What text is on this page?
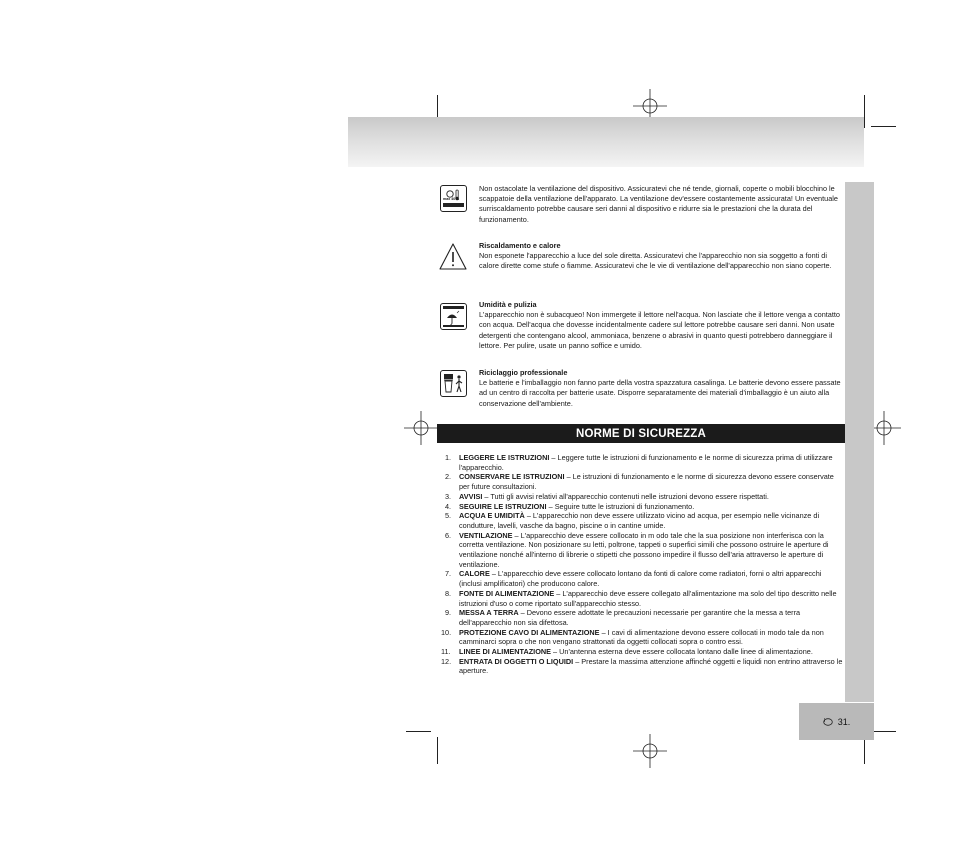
max 40°C
Non ostacolate la ventilazione del dispositivo. Assicuratevi che né tende, giornali, coperte o mobili blocchino le scappatoie della ventilazione dell'apparato. La ventilazione dev'essere costantemente assicurata! Un eventuale surriscaldamento potrebbe causare seri danni al dispositivo e ridurre sia le prestazioni che la durata del funzionamento.
Riscaldamento e calore
Non esponete l'apparecchio a luce del sole diretta. Assicuratevi che l'apparecchio non sia soggetto a fonti di calore dirette come stufe o fiamme. Assicuratevi che le vie di ventilazione dell'apparecchio non siano coperte.
Umidità e pulizia
L'apparecchio non è subacqueo! Non immergete il lettore nell'acqua. Non lasciate che il lettore venga a contatto con acqua. Dell'acqua che dovesse incidentalmente cadere sul lettore potrebbe causare seri danni. Non usate detergenti che contengano alcool, ammoniaca, benzene o abrasivi in quanto questi potrebbero danneggiare il lettore. Per pulire, usate un panno soffice e umido.
Riciclaggio professionale
Le batterie e l'imballaggio non fanno parte della vostra spazzatura casalinga. Le batterie devono essere passate ad un centro di raccolta per batterie usate. Disporre separatamente dei materiali d'imballaggio è un aiuto alla conservazione dell'ambiente.
NORME DI SICUREZZA
1. LEGGERE LE ISTRUZIONI – Leggere tutte le istruzioni di funzionamento e le norme di sicurezza prima di utilizzare l'apparecchio.
2. CONSERVARE LE ISTRUZIONI – Le istruzioni di funzionamento e le norme di sicurezza devono essere conservate per future consultazioni.
3. AVVISI – Tutti gli avvisi relativi all'apparecchio contenuti nelle istruzioni devono essere rispettati.
4. SEGUIRE LE ISTRUZIONI – Seguire tutte le istruzioni di funzionamento.
5. ACQUA E UMIDITÀ – L'apparecchio non deve essere utilizzato vicino ad acqua, per esempio nelle vicinanze di condutture, lavelli, vasche da bagno, piscine o in cantine umide.
6. VENTILAZIONE – L'apparecchio deve essere collocato in m odo tale che la sua posizione non interferisca con la corretta ventilazione. Non posizionare su letti, poltrone, tappeti o superfici simili che possono ostruire le aperture di ventilazione nonché all'interno di librerie o stipetti che possono impedire il flusso dell'aria attraverso le aperture di ventilazione.
7. CALORE – L'apparecchio deve essere collocato lontano da fonti di calore come radiatori, forni o altri apparecchi (inclusi amplificatori) che producono calore.
8. FONTE DI ALIMENTAZIONE – L'apparecchio deve essere collegato all'alimentazione ma solo del tipo descritto nelle istruzioni d'uso o come riportato sull'apparecchio stesso.
9. MESSA A TERRA – Devono essere adottate le precauzioni necessarie per garantire che la messa a terra dell'apparecchio non sia difettosa.
10. PROTEZIONE CAVO DI ALIMENTAZIONE – I cavi di alimentazione devono essere collocati in modo tale da non camminarci sopra o che non vengano strattonati da oggetti collocati sopra o contro essi.
11. LINEE DI ALIMENTAZIONE – Un'antenna esterna deve essere collocata lontano dalle linee di alimentazione.
12. ENTRATA DI OGGETTI O LIQUIDI – Prestare la massima attenzione affinché oggetti e liquidi non entrino attraverso le aperture.
I 31.
